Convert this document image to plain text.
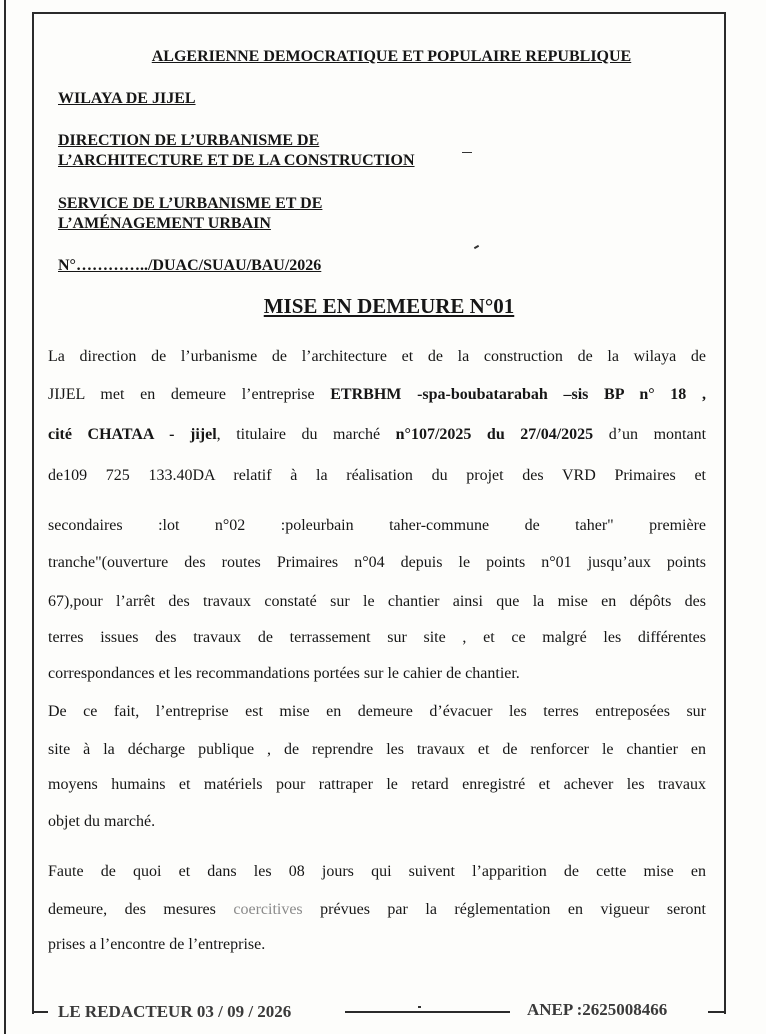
ALGERIENNE DEMOCRATIQUE ET POPULAIRE REPUBLIQUE
WILAYA DE JIJEL
DIRECTION DE L’URBANISME DE
L’ARCHITECTURE ET DE LA CONSTRUCTION
SERVICE DE L’URBANISME ET DE
L’AMÉNAGEMENT URBAIN
N°…………../DUAC/SUAU/BAU/2026
MISE EN DEMEURE N°01
La direction de l’urbanisme de l’architecture et de la construction de la wilaya de
JIJEL met en demeure l’entreprise ETRBHM -spa-boubatarabah –sis BP n° 18 ,
cité CHATAA - jijel, titulaire du marché n°107/2025 du 27/04/2025 d’un montant
de109 725 133.40DA relatif à la réalisation du projet des VRD Primaires et
secondaires :lot n°02 :poleurbain taher-commune de taher" première
tranche"(ouverture des routes Primaires n°04 depuis le points n°01 jusqu’aux points
67),pour l’arrêt des travaux constaté sur le chantier ainsi que la mise en dépôts des
terres issues des travaux de terrassement sur site , et ce malgré les différentes
correspondances et les recommandations portées sur le cahier de chantier.
De ce fait, l’entreprise est mise en demeure d’évacuer les terres entreposées sur
site à la décharge publique , de reprendre les travaux et de renforcer le chantier en
moyens humains et matériels pour rattraper le retard enregistré et achever les travaux
objet du marché.
Faute de quoi et dans les 08 jours qui suivent l’apparition de cette mise en
demeure, des mesures coercitives prévues par la réglementation en vigueur seront
prises a l’encontre de l’entreprise.
LE REDACTEUR 03 / 09 / 2026	ANEP :2625008466
